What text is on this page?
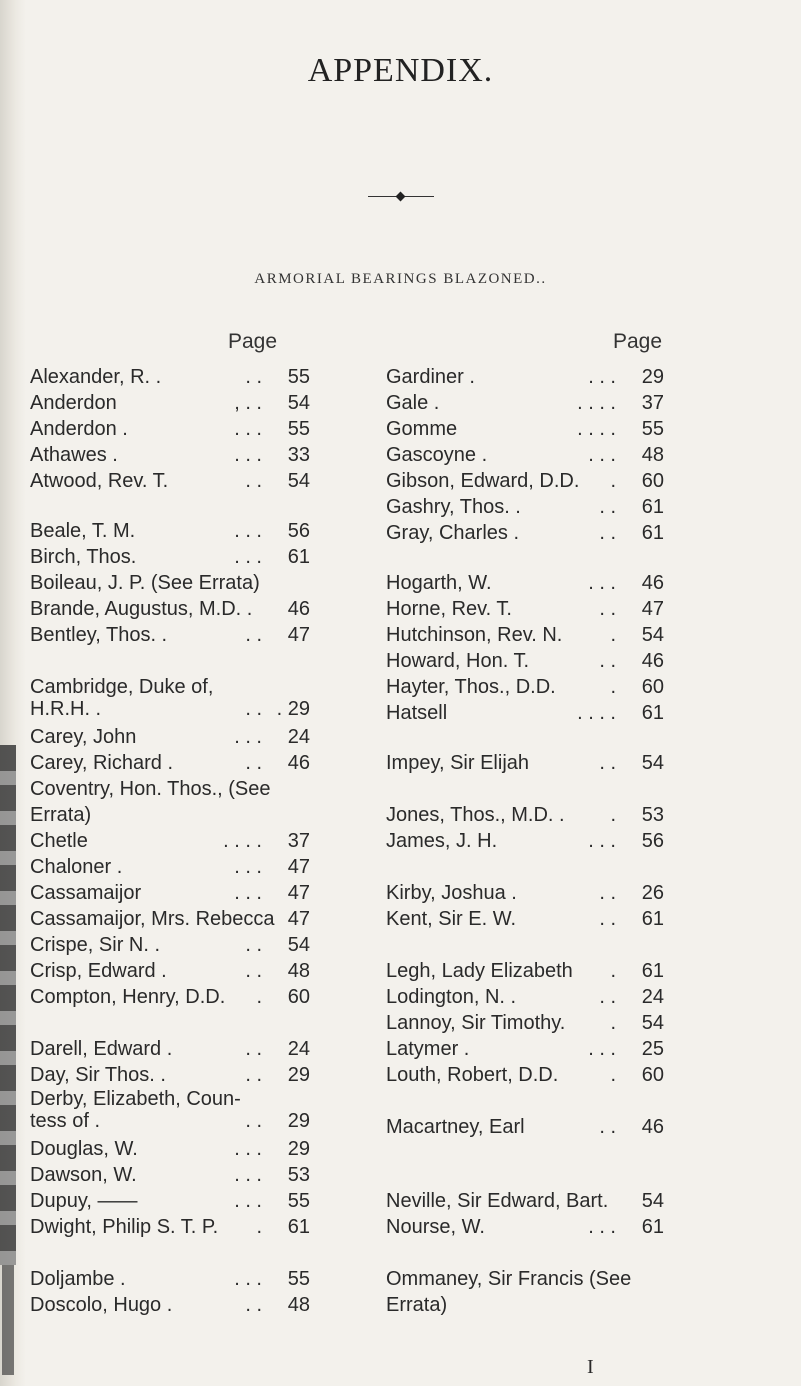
APPENDIX.
ARMORIAL BEARINGS BLAZONED..
Page
Alexander, R. .	55
. .
Anderdon	54
, . .
Anderdon .	55
. . .
Athawes .	33
. . .
Atwood, Rev. T.	54
. .
Beale, T. M.	56
. . .
Birch, Thos.	61
. . .
Boileau, J. P. (See Errata)
Brande, Augustus, M.D. . 46
Bentley, Thos. .	47
. .
Cambridge, Duke of,
H.R.H. .	. 29
. .
Carey, John	24
. . .
Carey, Richard .	46
. .
Coventry, Hon. Thos., (See
Errata)
Chetle	37
. . . .
Chaloner .	47
. . .
Cassamaijor	47
. . .
Cassamaijor, Mrs. Rebecca 47
Crispe, Sir N. .	54
. .
Crisp, Edward .	48
. .
Compton, Henry, D.D.	60
.
Darell, Edward .	24
. .
Day, Sir Thos. .	29
. .
Derby, Elizabeth, Coun-
tess of .	29
. .
Douglas, W.	29
. . .
Dawson, W.	53
. . .
Dupuy, ——	55
. . .
Dwight, Philip S. T. P.	61
.
Doljambe .	55
. . .
Doscolo, Hugo .	48
. .
Page
Gardiner .	29
. . .
Gale .	37
. . . .
Gomme	55
. . . .
Gascoyne .	48
. . .
Gibson, Edward, D.D.	60
.
Gashry, Thos. .	61
. .
Gray, Charles .	61
. .
Hogarth, W.	46
. . .
Horne, Rev. T.	47
. .
Hutchinson, Rev. N.	54
.
Howard, Hon. T.	46
. .
Hayter, Thos., D.D.	60
.
Hatsell	61
. . . .
Impey, Sir Elijah	54
. .
Jones, Thos., M.D. .	53
.
James, J. H.	56
. . .
Kirby, Joshua .	26
. .
Kent, Sir E. W.	61
. .
Legh, Lady Elizabeth	61
.
Lodington, N. .	24
. .
Lannoy, Sir Timothy.	54
.
Latymer .	25
. . .
Louth, Robert, D.D.	60
.
Macartney, Earl	46
. .
Neville, Sir Edward, Bart. 54
Nourse, W.	61
. . .
Ommaney, Sir Francis (See
Errata)
I
